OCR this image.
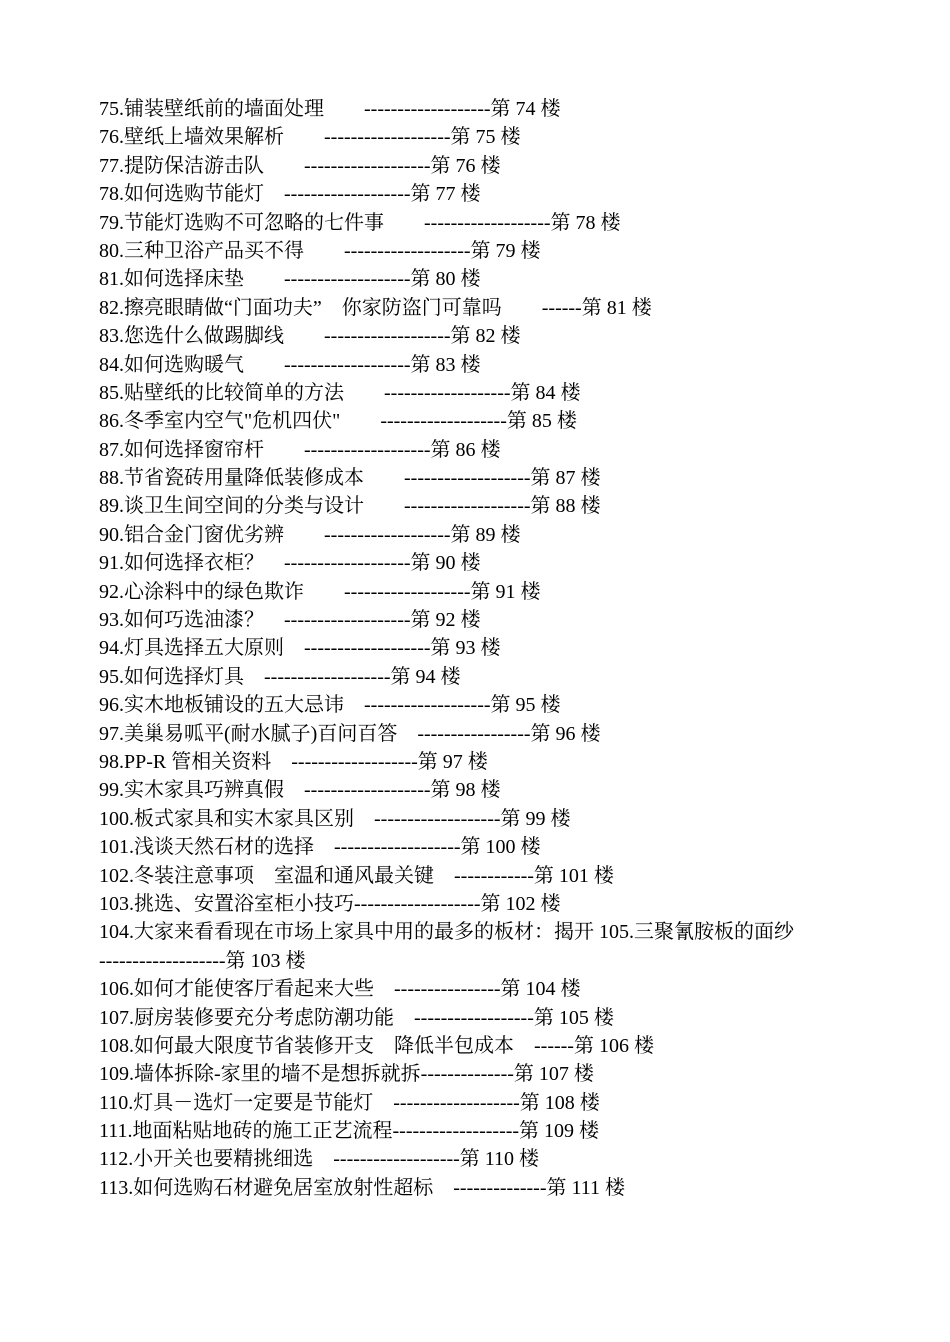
75.铺装壁纸前的墙面处理        -------------------第 74 楼
76.壁纸上墙效果解析        -------------------第 75 楼
77.提防保洁游击队        -------------------第 76 楼
78.如何选购节能灯    -------------------第 77 楼
79.节能灯选购不可忽略的七件事        -------------------第 78 楼
80.三种卫浴产品买不得        -------------------第 79 楼
81.如何选择床垫        -------------------第 80 楼
82.擦亮眼睛做“门面功夫”    你家防盗门可靠吗        ------第 81 楼
83.您选什么做踢脚线        -------------------第 82 楼
84.如何选购暖气        -------------------第 83 楼
85.贴壁纸的比较简单的方法        -------------------第 84 楼
86.冬季室内空气"危机四伏"        -------------------第 85 楼
87.如何选择窗帘杆        -------------------第 86 楼
88.节省瓷砖用量降低装修成本        -------------------第 87 楼
89.谈卫生间空间的分类与设计        -------------------第 88 楼
90.铝合金门窗优劣辨        -------------------第 89 楼
91.如何选择衣柜？    -------------------第 90 楼
92.心涂料中的绿色欺诈        -------------------第 91 楼
93.如何巧选油漆？    -------------------第 92 楼
94.灯具选择五大原则    -------------------第 93 楼
95.如何选择灯具    -------------------第 94 楼
96.实木地板铺设的五大忌讳    -------------------第 95 楼
97.美巢易呱平(耐水腻子)百问百答    -----------------第 96 楼
98.PP-R 管相关资料    -------------------第 97 楼
99.实木家具巧辨真假    -------------------第 98 楼
100.板式家具和实木家具区别    -------------------第 99 楼
101.浅谈天然石材的选择    -------------------第 100 楼
102.冬装注意事项    室温和通风最关键    ------------第 101 楼
103.挑选、安置浴室柜小技巧-------------------第 102 楼
104.大家来看看现在市场上家具中用的最多的板材：揭开 105.三聚氰胺板的面纱
-------------------第 103 楼
106.如何才能使客厅看起来大些    ----------------第 104 楼
107.厨房装修要充分考虑防潮功能    ------------------第 105 楼
108.如何最大限度节省装修开支    降低半包成本    ------第 106 楼
109.墙体拆除-家里的墙不是想拆就拆--------------第 107 楼
110.灯具－选灯一定要是节能灯    -------------------第 108 楼
111.地面粘贴地砖的施工正艺流程-------------------第 109 楼
112.小开关也要精挑细选    -------------------第 110 楼
113.如何选购石材避免居室放射性超标    --------------第 111 楼
